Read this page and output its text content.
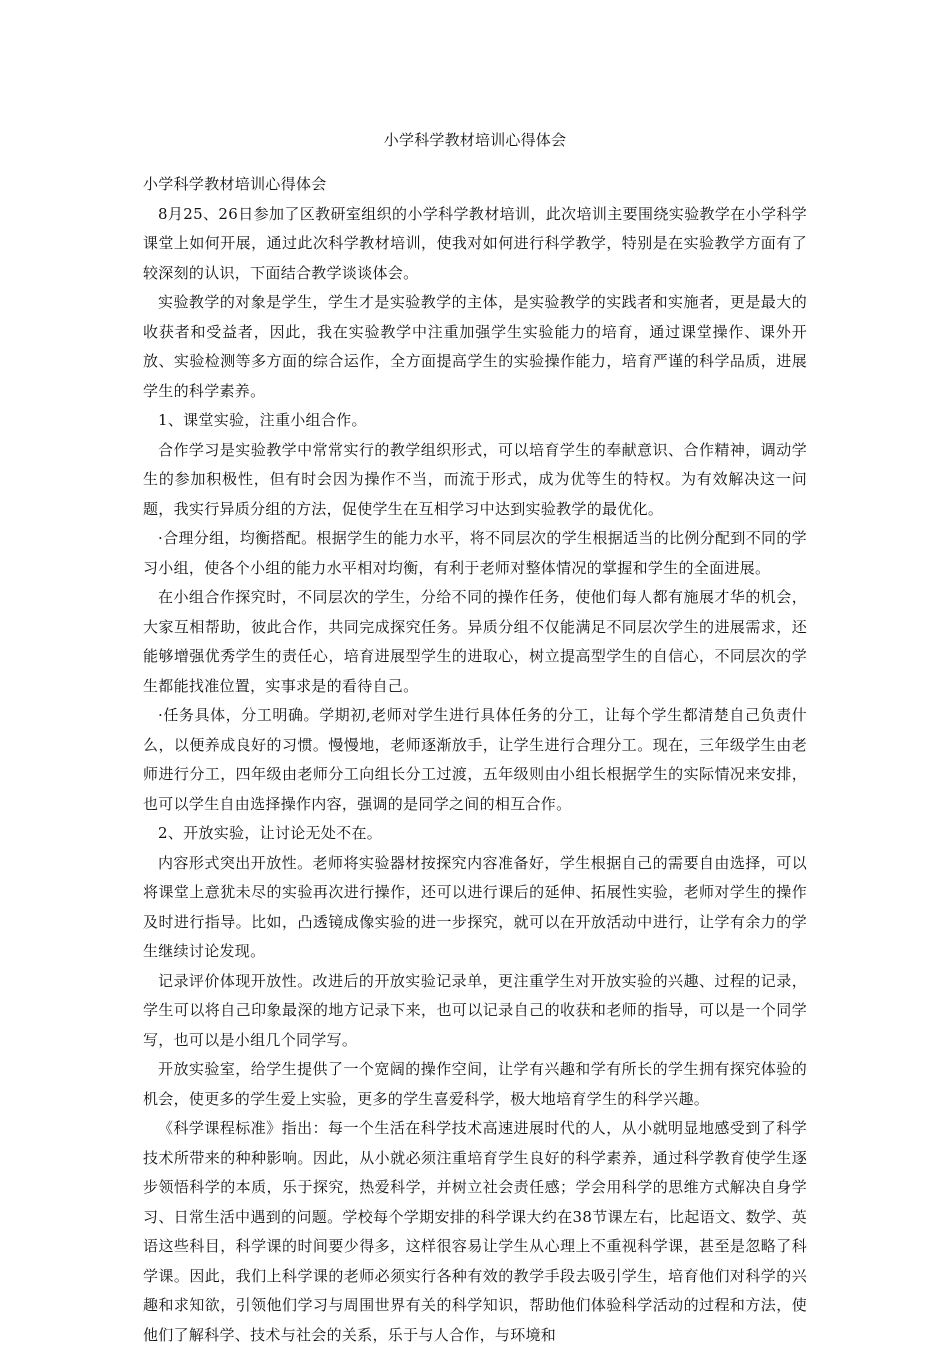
小学科学教材培训心得体会

小学科学教材培训心得体会

8月25、26日参加了区教研室组织的小学科学教材培训，此次培训主要围绕实验教学在小学科学课堂上如何开展，通过此次科学教材培训，使我对如何进行科学教学，特别是在实验教学方面有了较深刻的认识，下面结合教学谈谈体会。

实验教学的对象是学生，学生才是实验教学的主体，是实验教学的实践者和实施者，更是最大的收获者和受益者，因此，我在实验教学中注重加强学生实验能力的培育，通过课堂操作、课外开放、实验检测等多方面的综合运作，全方面提高学生的实验操作能力，培育严谨的科学品质，进展学生的科学素养。

1、课堂实验，注重小组合作。

合作学习是实验教学中常常实行的教学组织形式，可以培育学生的奉献意识、合作精神，调动学生的参加积极性，但有时会因为操作不当，而流于形式，成为优等生的特权。为有效解决这一问题，我实行异质分组的方法，促使学生在互相学习中达到实验教学的最优化。

·合理分组，均衡搭配。根据学生的能力水平，将不同层次的学生根据适当的比例分配到不同的学习小组，使各个小组的能力水平相对均衡，有利于老师对整体情况的掌握和学生的全面进展。

在小组合作探究时，不同层次的学生，分给不同的操作任务，使他们每人都有施展才华的机会，大家互相帮助，彼此合作，共同完成探究任务。异质分组不仅能满足不同层次学生的进展需求，还能够增强优秀学生的责任心，培育进展型学生的进取心，树立提高型学生的自信心，不同层次的学生都能找准位置，实事求是的看待自己。

·任务具体，分工明确。学期初,老师对学生进行具体任务的分工，让每个学生都清楚自己负责什么，以便养成良好的习惯。慢慢地，老师逐渐放手，让学生进行合理分工。现在，三年级学生由老师进行分工，四年级由老师分工向组长分工过渡，五年级则由小组长根据学生的实际情况来安排，也可以学生自由选择操作内容，强调的是同学之间的相互合作。

2、开放实验，让讨论无处不在。

内容形式突出开放性。老师将实验器材按探究内容准备好，学生根据自己的需要自由选择，可以将课堂上意犹未尽的实验再次进行操作，还可以进行课后的延伸、拓展性实验，老师对学生的操作及时进行指导。比如，凸透镜成像实验的进一步探究，就可以在开放活动中进行，让学有余力的学生继续讨论发现。

记录评价体现开放性。改进后的开放实验记录单，更注重学生对开放实验的兴趣、过程的记录，学生可以将自己印象最深的地方记录下来，也可以记录自己的收获和老师的指导，可以是一个同学写，也可以是小组几个同学写。

开放实验室，给学生提供了一个宽阔的操作空间，让学有兴趣和学有所长的学生拥有探究体验的机会，使更多的学生爱上实验，更多的学生喜爱科学，极大地培育学生的科学兴趣。

《科学课程标准》指出：每一个生活在科学技术高速进展时代的人，从小就明显地感受到了科学技术所带来的种种影响。因此，从小就必须注重培育学生良好的科学素养，通过科学教育使学生逐步领悟科学的本质，乐于探究，热爱科学，并树立社会责任感；学会用科学的思维方式解决自身学习、日常生活中遇到的问题。学校每个学期安排的科学课大约在38节课左右，比起语文、数学、英语这些科目，科学课的时间要少得多，这样很容易让学生从心理上不重视科学课，甚至是忽略了科学课。因此，我们上科学课的老师必须实行各种有效的教学手段去吸引学生，培育他们对科学的兴趣和求知欲，引领他们学习与周围世界有关的科学知识，帮助他们体验科学活动的过程和方法，使他们了解科学、技术与社会的关系，乐于与人合作，与环境和
